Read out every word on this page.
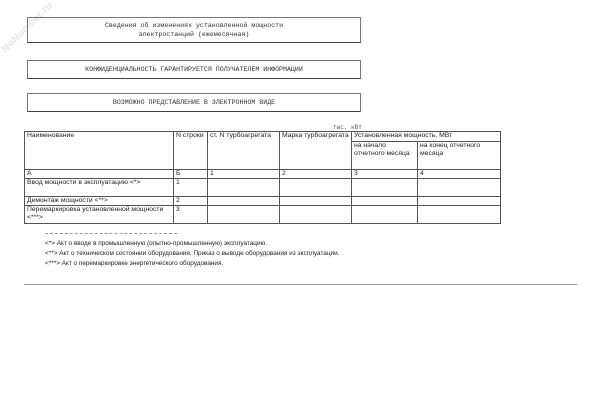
NoNumber.ru	Сведения об изменениях установленной мощности
электростанций (ежемесячная)
КОНФИДЕНЦИАЛЬНОСТЬ ГАРАНТИРУЕТСЯ ПОЛУЧАТЕЛЕМ ИНФОРМАЦИИ
ВОЗМОЖНО ПРЕДСТАВЛЕНИЕ В ЭЛЕКТРОННОМ ВИДЕ
тыс. кВт
Наименование	N строки	ст. N турбоагрегата	Марка турбоагрегата	Установленная мощность, МВт	
				на начало отчетного месяца	на конец отчетного месяца
А	Б	1	2	3	4
Ввод мощности в эксплуатацию <*>	1				
Демонтаж мощности <**>	2				
Перемаркировка установленной мощности <***>	3				
<*> Акт о вводе в промышленную (опытно-промышленную) эксплуатацию.
<**> Акт о техническом состоянии оборудования, Приказ о выводе оборудования из эксплуатации.
<***> Акт о перемаркировке энергетического оборудования.
